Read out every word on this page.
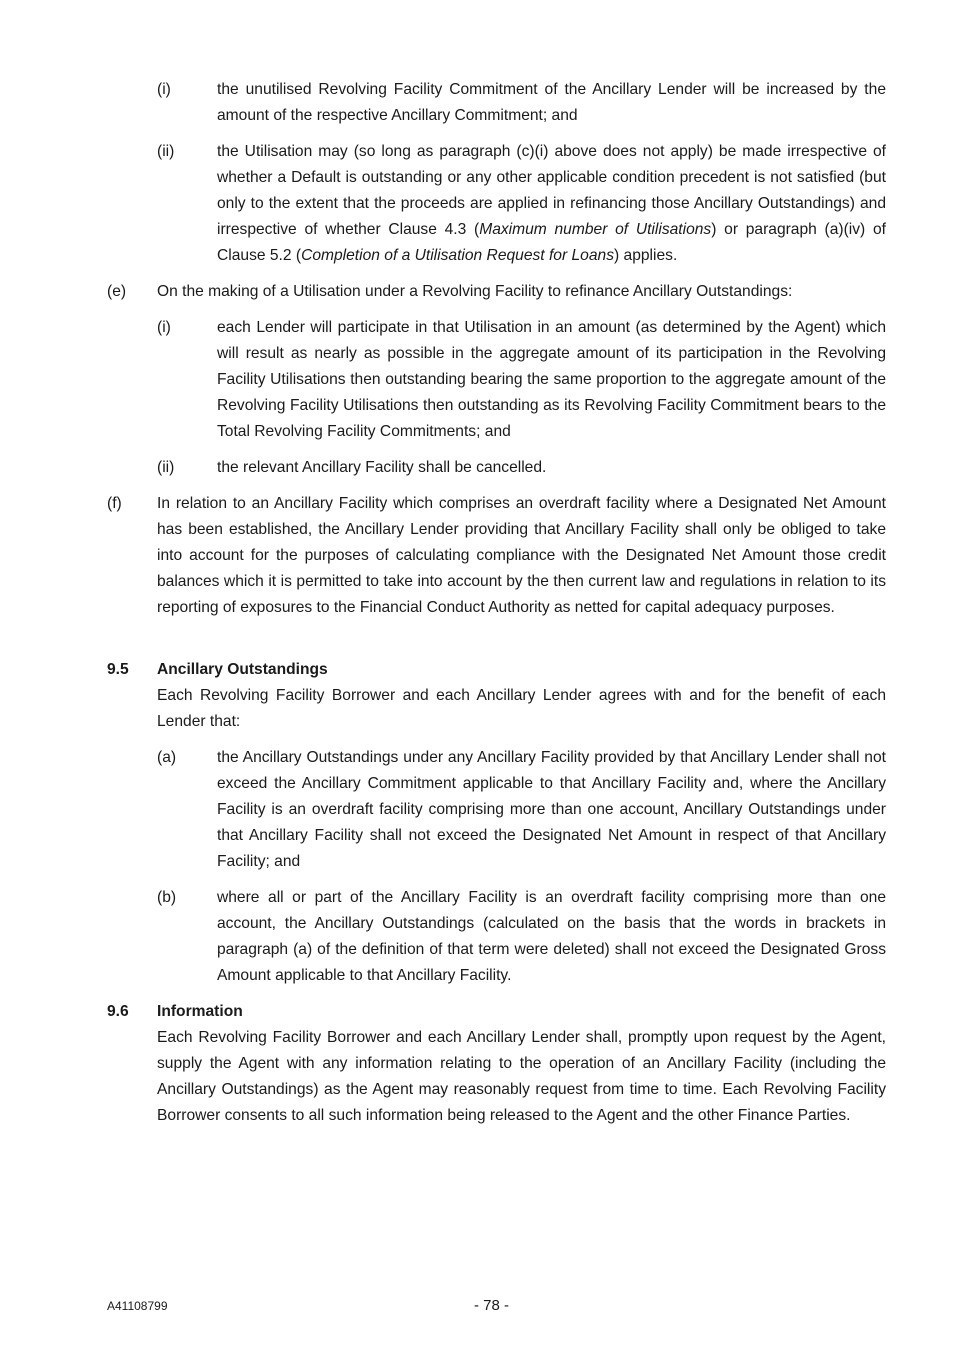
(i)	the unutilised Revolving Facility Commitment of the Ancillary Lender will be increased by the amount of the respective Ancillary Commitment; and
(ii)	the Utilisation may (so long as paragraph (c)(i) above does not apply) be made irrespective of whether a Default is outstanding or any other applicable condition precedent is not satisfied (but only to the extent that the proceeds are applied in refinancing those Ancillary Outstandings) and irrespective of whether Clause 4.3 (Maximum number of Utilisations) or paragraph (a)(iv) of Clause 5.2 (Completion of a Utilisation Request for Loans) applies.
(e) On the making of a Utilisation under a Revolving Facility to refinance Ancillary Outstandings:
(i)	each Lender will participate in that Utilisation in an amount (as determined by the Agent) which will result as nearly as possible in the aggregate amount of its participation in the Revolving Facility Utilisations then outstanding bearing the same proportion to the aggregate amount of the Revolving Facility Utilisations then outstanding as its Revolving Facility Commitment bears to the Total Revolving Facility Commitments; and
(ii)	the relevant Ancillary Facility shall be cancelled.
(f) In relation to an Ancillary Facility which comprises an overdraft facility where a Designated Net Amount has been established, the Ancillary Lender providing that Ancillary Facility shall only be obliged to take into account for the purposes of calculating compliance with the Designated Net Amount those credit balances which it is permitted to take into account by the then current law and regulations in relation to its reporting of exposures to the Financial Conduct Authority as netted for capital adequacy purposes.
9.5 Ancillary Outstandings
Each Revolving Facility Borrower and each Ancillary Lender agrees with and for the benefit of each Lender that:
(a)	the Ancillary Outstandings under any Ancillary Facility provided by that Ancillary Lender shall not exceed the Ancillary Commitment applicable to that Ancillary Facility and, where the Ancillary Facility is an overdraft facility comprising more than one account, Ancillary Outstandings under that Ancillary Facility shall not exceed the Designated Net Amount in respect of that Ancillary Facility; and
(b)	where all or part of the Ancillary Facility is an overdraft facility comprising more than one account, the Ancillary Outstandings (calculated on the basis that the words in brackets in paragraph (a) of the definition of that term were deleted) shall not exceed the Designated Gross Amount applicable to that Ancillary Facility.
9.6 Information
Each Revolving Facility Borrower and each Ancillary Lender shall, promptly upon request by the Agent, supply the Agent with any information relating to the operation of an Ancillary Facility (including the Ancillary Outstandings) as the Agent may reasonably request from time to time. Each Revolving Facility Borrower consents to all such information being released to the Agent and the other Finance Parties.
A41108799	- 78 -
